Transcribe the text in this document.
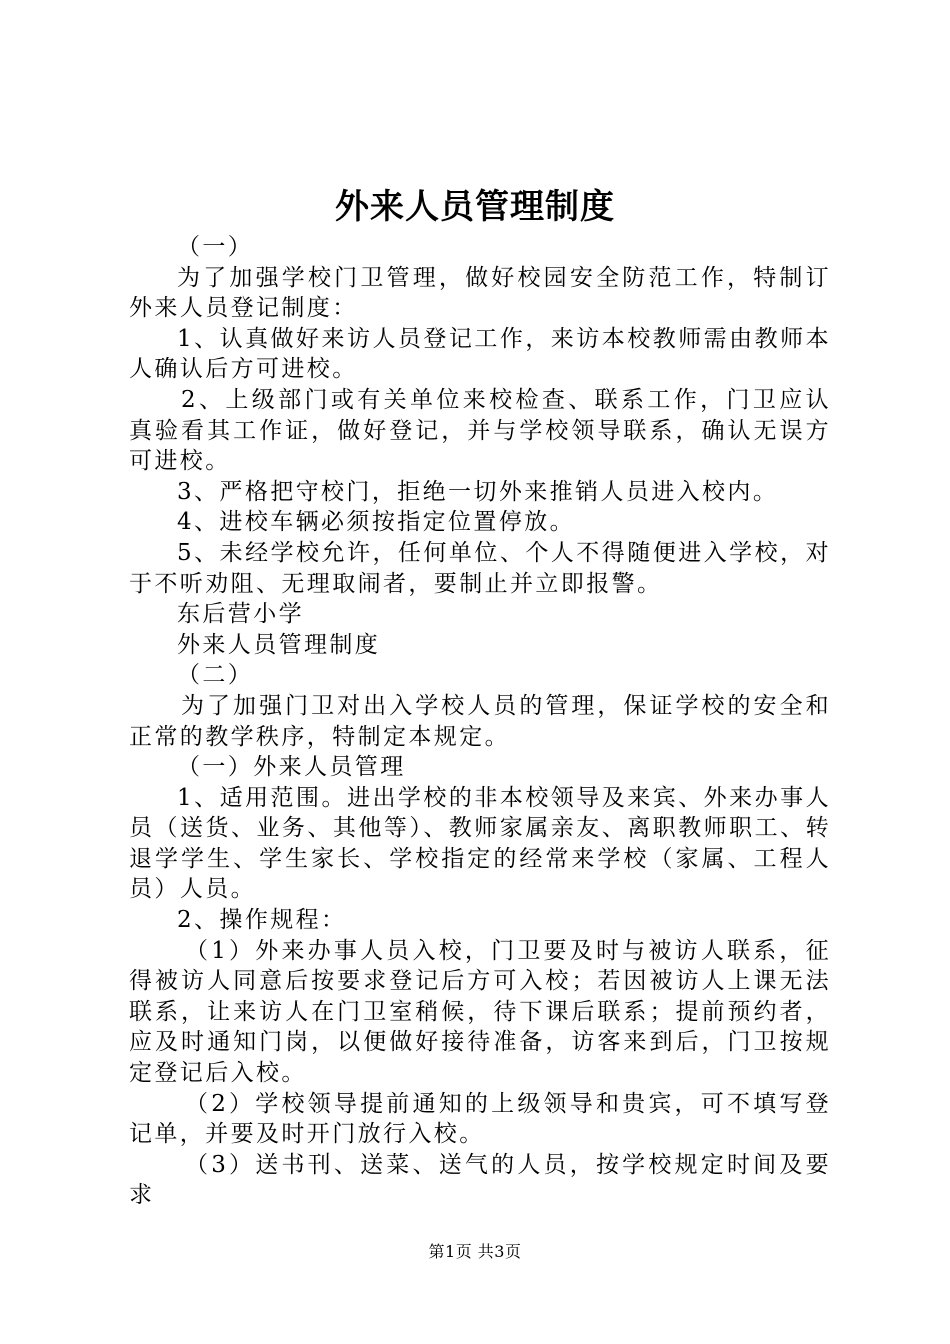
外来人员管理制度

（一）

为了加强学校门卫管理，做好校园安全防范工作，特制订外来人员登记制度：

1、认真做好来访人员登记工作，来访本校教师需由教师本人确认后方可进校。

2、上级部门或有关单位来校检查、联系工作，门卫应认真验看其工作证，做好登记，并与学校领导联系，确认无误方可进校。

3、严格把守校门，拒绝一切外来推销人员进入校内。

4、进校车辆必须按指定位置停放。

5、未经学校允许，任何单位、个人不得随便进入学校，对于不听劝阻、无理取闹者，要制止并立即报警。

东后营小学

外来人员管理制度

（二）

为了加强门卫对出入学校人员的管理，保证学校的安全和正常的教学秩序，特制定本规定。

（一）外来人员管理

1、适用范围。进出学校的非本校领导及来宾、外来办事人员（送货、业务、其他等）、教师家属亲友、离职教师职工、转退学学生、学生家长、学校指定的经常来学校（家属、工程人员）人员。

2、操作规程：

（1）外来办事人员入校，门卫要及时与被访人联系，征得被访人同意后按要求登记后方可入校；若因被访人上课无法联系，让来访人在门卫室稍候，待下课后联系；提前预约者，应及时通知门岗，以便做好接待准备，访客来到后，门卫按规定登记后入校。

（2）学校领导提前通知的上级领导和贵宾，可不填写登记单，并要及时开门放行入校。

（3）送书刊、送菜、送气的人员，按学校规定时间及要求

第1页 共3页
